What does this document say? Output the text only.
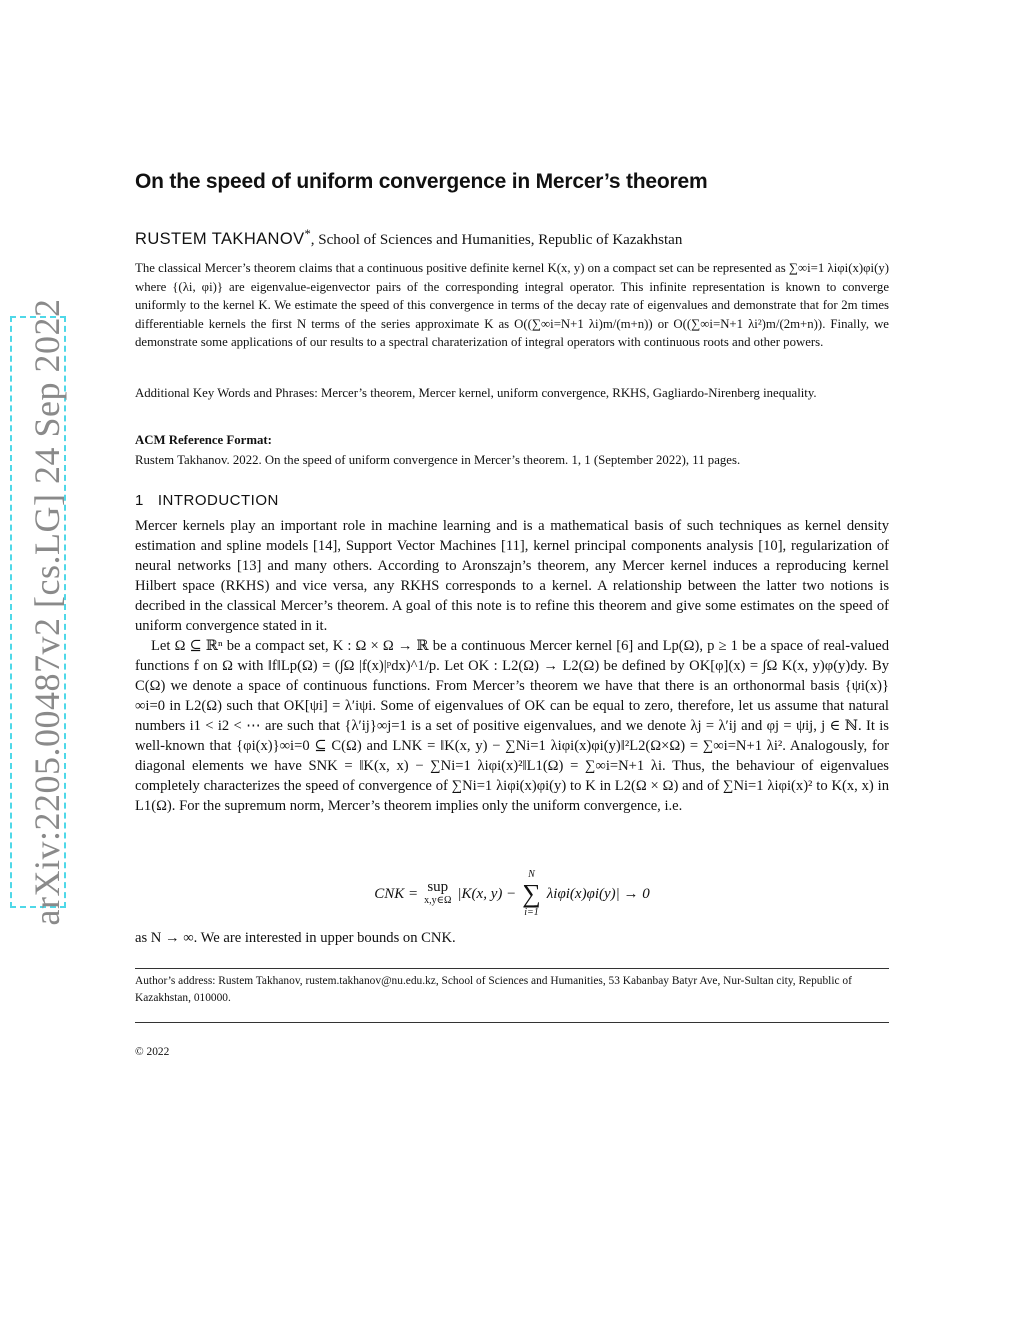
arXiv:2205.00487v2 [cs.LG] 24 Sep 2022
On the speed of uniform convergence in Mercer’s theorem
RUSTEM TAKHANOV*, School of Sciences and Humanities, Republic of Kazakhstan

The classical Mercer’s theorem claims that a continuous positive definite kernel K(x, y) on a compact set can be represented as ∑∞i=1 λiφi(x)φi(y) where {(λi, φi)} are eigenvalue-eigenvector pairs of the corresponding integral operator. This infinite representation is known to converge uniformly to the kernel K. We estimate the speed of this convergence in terms of the decay rate of eigenvalues and demonstrate that for 2m times differentiable kernels the first N terms of the series approximate K as O((∑∞i=N+1 λi)m/(m+n)) or O((∑∞i=N+1 λi²)m/(2m+n)). Finally, we demonstrate some applications of our results to a spectral charaterization of integral operators with continuous roots and other powers.

Additional Key Words and Phrases: Mercer’s theorem, Mercer kernel, uniform convergence, RKHS, Gagliardo-Nirenberg inequality.

ACM Reference Format:
Rustem Takhanov. 2022. On the speed of uniform convergence in Mercer’s theorem. 1, 1 (September 2022), 11 pages.
1 INTRODUCTION

Mercer kernels play an important role in machine learning and is a mathematical basis of such techniques as kernel density estimation and spline models [14], Support Vector Machines [11], kernel principal components analysis [10], regularization of neural networks [13] and many others. According to Aronszajn’s theorem, any Mercer kernel induces a reproducing kernel Hilbert space (RKHS) and vice versa, any RKHS corresponds to a kernel. A relationship between the latter two notions is decribed in the classical Mercer’s theorem. A goal of this note is to refine this theorem and give some estimates on the speed of uniform convergence stated in it.

Let Ω ⊆ ℝⁿ be a compact set, K : Ω × Ω → ℝ be a continuous Mercer kernel [6] and Lp(Ω), p ≥ 1 be a space of real-valued functions f on Ω with ‖f‖Lp(Ω) = (∫Ω |f(x)|ᵖdx)^1/p. Let OK : L2(Ω) → L2(Ω) be defined by OK[φ](x) = ∫Ω K(x, y)φ(y)dy. By C(Ω) we denote a space of continuous functions. From Mercer’s theorem we have that there is an orthonormal basis {ψi(x)}∞i=0 in L2(Ω) such that OK[ψi] = λ′iψi. Some of eigenvalues of OK can be equal to zero, therefore, let us assume that natural numbers i1 < i2 < ⋯ are such that {λ′ij}∞j=1 is a set of positive eigenvalues, and we denote λj = λ′ij and φj = ψij, j ∈ ℕ. It is well-known that {φi(x)}∞i=0 ⊆ C(Ω) and LNK = ‖K(x, y) − ∑Ni=1 λiφi(x)φi(y)‖²L2(Ω×Ω) = ∑∞i=N+1 λi². Analogously, for diagonal elements we have SNK = ‖K(x, x) − ∑Ni=1 λiφi(x)²‖L1(Ω) = ∑∞i=N+1 λi. Thus, the behaviour of eigenvalues completely characterizes the speed of convergence of ∑Ni=1 λiφi(x)φi(y) to K in L2(Ω × Ω) and of ∑Ni=1 λiφi(x)² to K(x, x) in L1(Ω). For the supremum norm, Mercer’s theorem implies only the uniform convergence, i.e.

CNK = sup
x,y∈Ω |K(x, y) −
N
∑
i=1
λiφi(x)φi(y)| → 0
as N → ∞. We are interested in upper bounds on CNK.
Author’s address: Rustem Takhanov, rustem.takhanov@nu.edu.kz, School of Sciences and Humanities, 53 Kabanbay Batyr Ave, Nur-Sultan city, Republic of Kazakhstan, 010000.
© 2022
